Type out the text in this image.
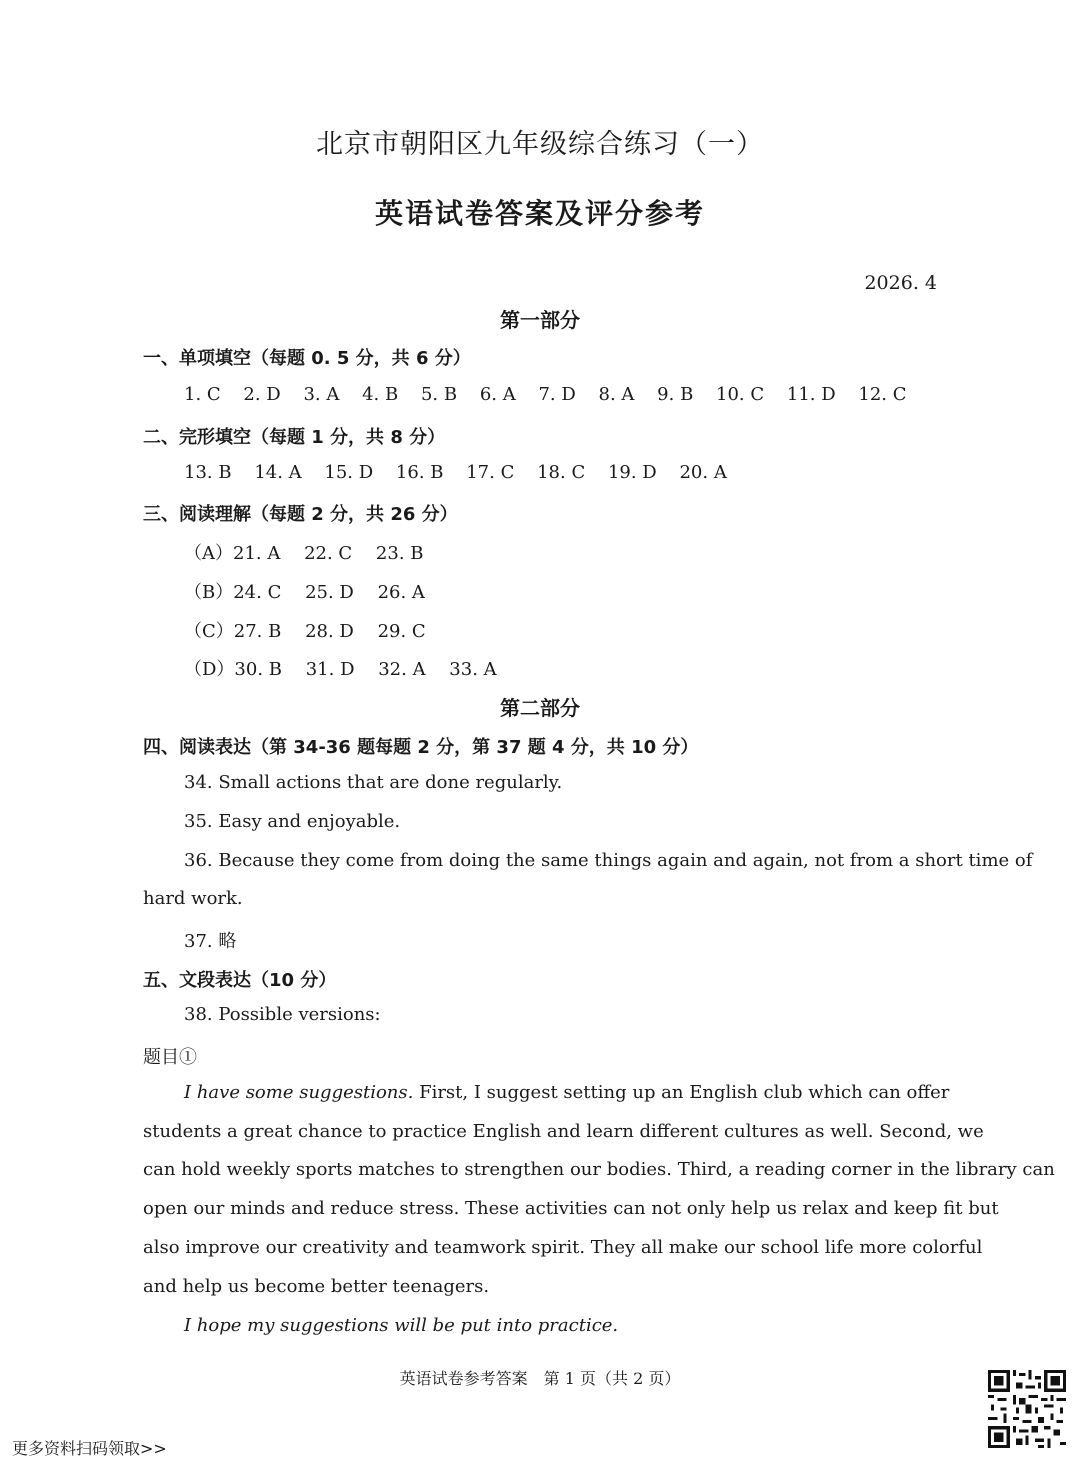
北京市朝阳区九年级综合练习（一）
英语试卷答案及评分参考
2026. 4
第一部分
一、单项填空（每题 0. 5 分，共 6 分）
1. C 2. D 3. A 4. B 5. B 6. A 7. D 8. A 9. B 10. C 11. D 12. C
二、完形填空（每题 1 分，共 8 分）
13. B 14. A 15. D 16. B 17. C 18. C 19. D 20. A
三、阅读理解（每题 2 分，共 26 分）
（A）21. A　 22. C　 23. B
（B）24. C　 25. D　 26. A
（C）27. B　 28. D　 29. C
（D）30. B　 31. D　 32. A　 33. A
第二部分
四、阅读表达（第 34-36 题每题 2 分，第 37 题 4 分，共 10 分）
34. Small actions that are done regularly.
35. Easy and enjoyable.
36. Because they come from doing the same things again and again, not from a short time of
hard work.
37. 略
五、文段表达（10 分）
38. Possible versions:
题目①
I have some suggestions. First, I suggest setting up an English club which can offer
students a great chance to practice English and learn different cultures as well. Second, we
can hold weekly sports matches to strengthen our bodies. Third, a reading corner in the library can
open our minds and reduce stress. These activities can not only help us relax and keep fit but
also improve our creativity and teamwork spirit. They all make our school life more colorful
and help us become better teenagers.
I hope my suggestions will be put into practice.
英语试卷参考答案　第 1 页（共 2 页）
更多资料扫码领取>>
